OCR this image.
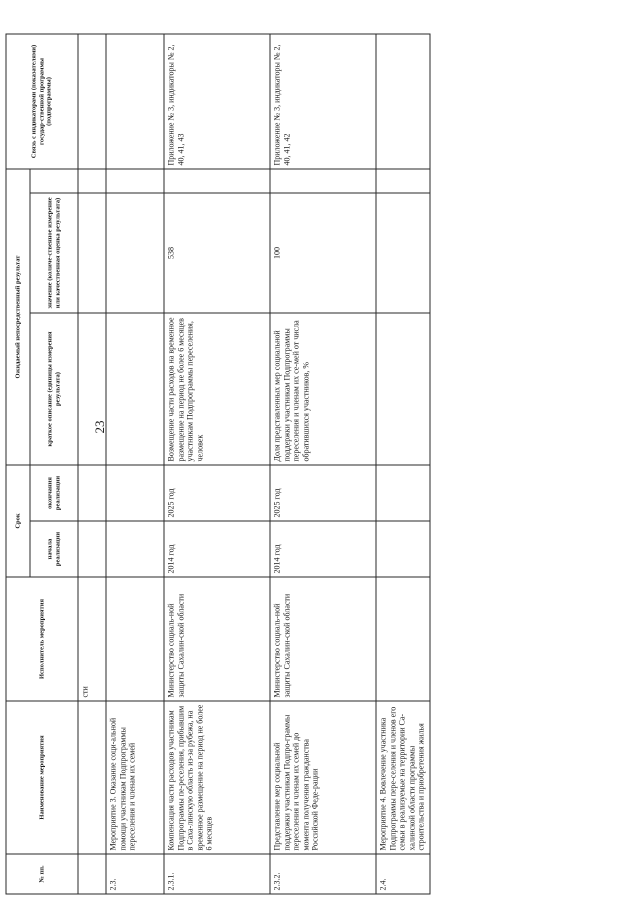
23
№ пп.	Наименование мероприятия	Исполнитель мероприятия	Срок		Ожидаемый непосредственный результат			Связь с индикаторами (показателями) государ-ственной программы (подпрограммы)
			начала реализации	окончания реализации	краткое описание (единицы измерения результата)	значение (количе-ственное измерение или качественная оценка результата)		
		сти						
2.3.	Мероприятие 3. Оказание соци-альной помощи участникам Подпрограммы переселения и членам их семей							
2.3.1.	Компенсация части расходов участникам Подпрограммы пе-реселения, прибывшим в Саха-линскую область из-за рубежа, на временное размещение на период не более 6 месяцев	Министерство социаль-ной защиты Сахалин-ской области	2014 год	2025 год	Возмещение части расходов на временное размещение на период не более 6 месяцев участникам Подпрограммы переселения, человек	538		Приложение № 3, индикаторы № 2, 40, 41, 43
2.3.2.	Представление мер социальной поддержки участникам Подпро-граммы переселения и членам их семей до момента получения гражданства Российской Феде-рации	Министерство социаль-ной защиты Сахалин-ской области	2014 год	2025 год	Доля представленных мер социальной поддержки участникам Подпрограммы переселения и членам их се-мей от числа обратившихся участников, %	100		Приложение № 3, индикаторы № 2, 40, 41, 42
2.4.	Мероприятие 4. Вовлечение участника Подпрограммы пере-селения и членов его семьи в реализуемые на территории Са-халинской области программы строительства и приобретения жилья							
